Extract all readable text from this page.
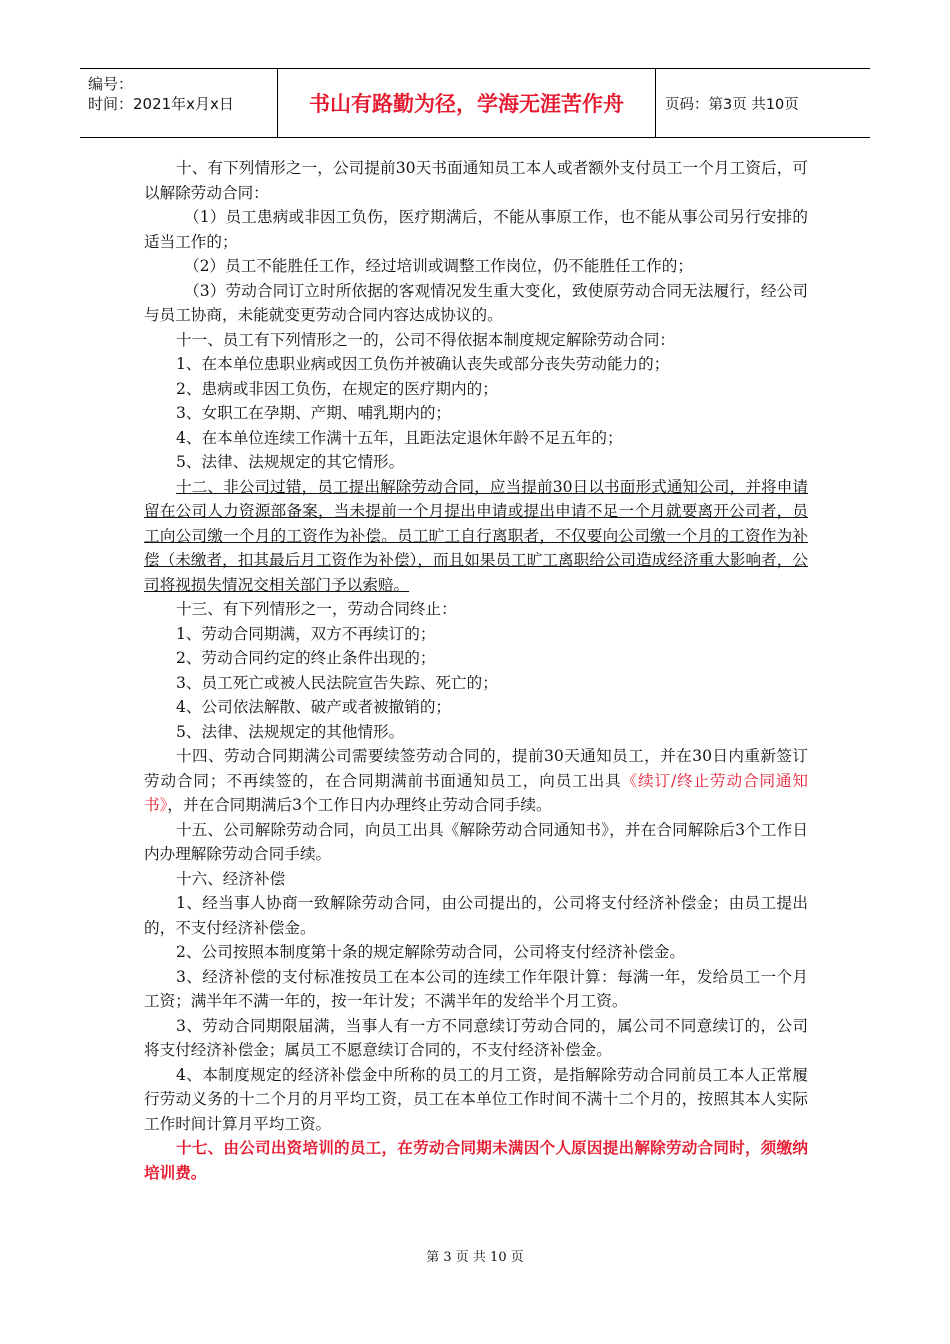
编号：
时间：2021年x月x日	书山有路勤为径，学海无涯苦作舟	页码：第3页 共10页

十、有下列情形之一，公司提前30天书面通知员工本人或者额外支付员工一个月工资后，可以解除劳动合同：

（1）员工患病或非因工负伤，医疗期满后，不能从事原工作，也不能从事公司另行安排的适当工作的；

（2）员工不能胜任工作，经过培训或调整工作岗位，仍不能胜任工作的；

（3）劳动合同订立时所依据的客观情况发生重大变化，致使原劳动合同无法履行，经公司与员工协商，未能就变更劳动合同内容达成协议的。

十一、员工有下列情形之一的，公司不得依据本制度规定解除劳动合同：

1、在本单位患职业病或因工负伤并被确认丧失或部分丧失劳动能力的；

2、患病或非因工负伤，在规定的医疗期内的；

3、女职工在孕期、产期、哺乳期内的；

4、在本单位连续工作满十五年，且距法定退休年龄不足五年的；

5、法律、法规规定的其它情形。

十二、非公司过错，员工提出解除劳动合同，应当提前30日以书面形式通知公司，并将申请留在公司人力资源部备案，当未提前一个月提出申请或提出申请不足一个月就要离开公司者，员工向公司缴一个月的工资作为补偿。员工旷工自行离职者，不仅要向公司缴一个月的工资作为补偿（未缴者，扣其最后月工资作为补偿），而且如果员工旷工离职给公司造成经济重大影响者，公司将视损失情况交相关部门予以索赔。

十三、有下列情形之一，劳动合同终止：

1、劳动合同期满，双方不再续订的；

2、劳动合同约定的终止条件出现的；

3、员工死亡或被人民法院宣告失踪、死亡的；

4、公司依法解散、破产或者被撤销的；

5、法律、法规规定的其他情形。

十四、劳动合同期满公司需要续签劳动合同的，提前30天通知员工，并在30日内重新签订劳动合同；不再续签的，在合同期满前书面通知员工，向员工出具《续订/终止劳动合同通知书》，并在合同期满后3个工作日内办理终止劳动合同手续。

十五、公司解除劳动合同，向员工出具《解除劳动合同通知书》，并在合同解除后3个工作日内办理解除劳动合同手续。

十六、经济补偿

1、经当事人协商一致解除劳动合同，由公司提出的，公司将支付经济补偿金；由员工提出的，不支付经济补偿金。

2、公司按照本制度第十条的规定解除劳动合同，公司将支付经济补偿金。

3、经济补偿的支付标准按员工在本公司的连续工作年限计算：每满一年，发给员工一个月工资；满半年不满一年的，按一年计发；不满半年的发给半个月工资。

3、劳动合同期限届满，当事人有一方不同意续订劳动合同的，属公司不同意续订的，公司将支付经济补偿金；属员工不愿意续订合同的，不支付经济补偿金。

4、本制度规定的经济补偿金中所称的员工的月工资，是指解除劳动合同前员工本人正常履行劳动义务的十二个月的月平均工资，员工在本单位工作时间不满十二个月的，按照其本人实际工作时间计算月平均工资。

十七、由公司出资培训的员工，在劳动合同期未满因个人原因提出解除劳动合同时，须缴纳培训费。

第 3 页 共 10 页
